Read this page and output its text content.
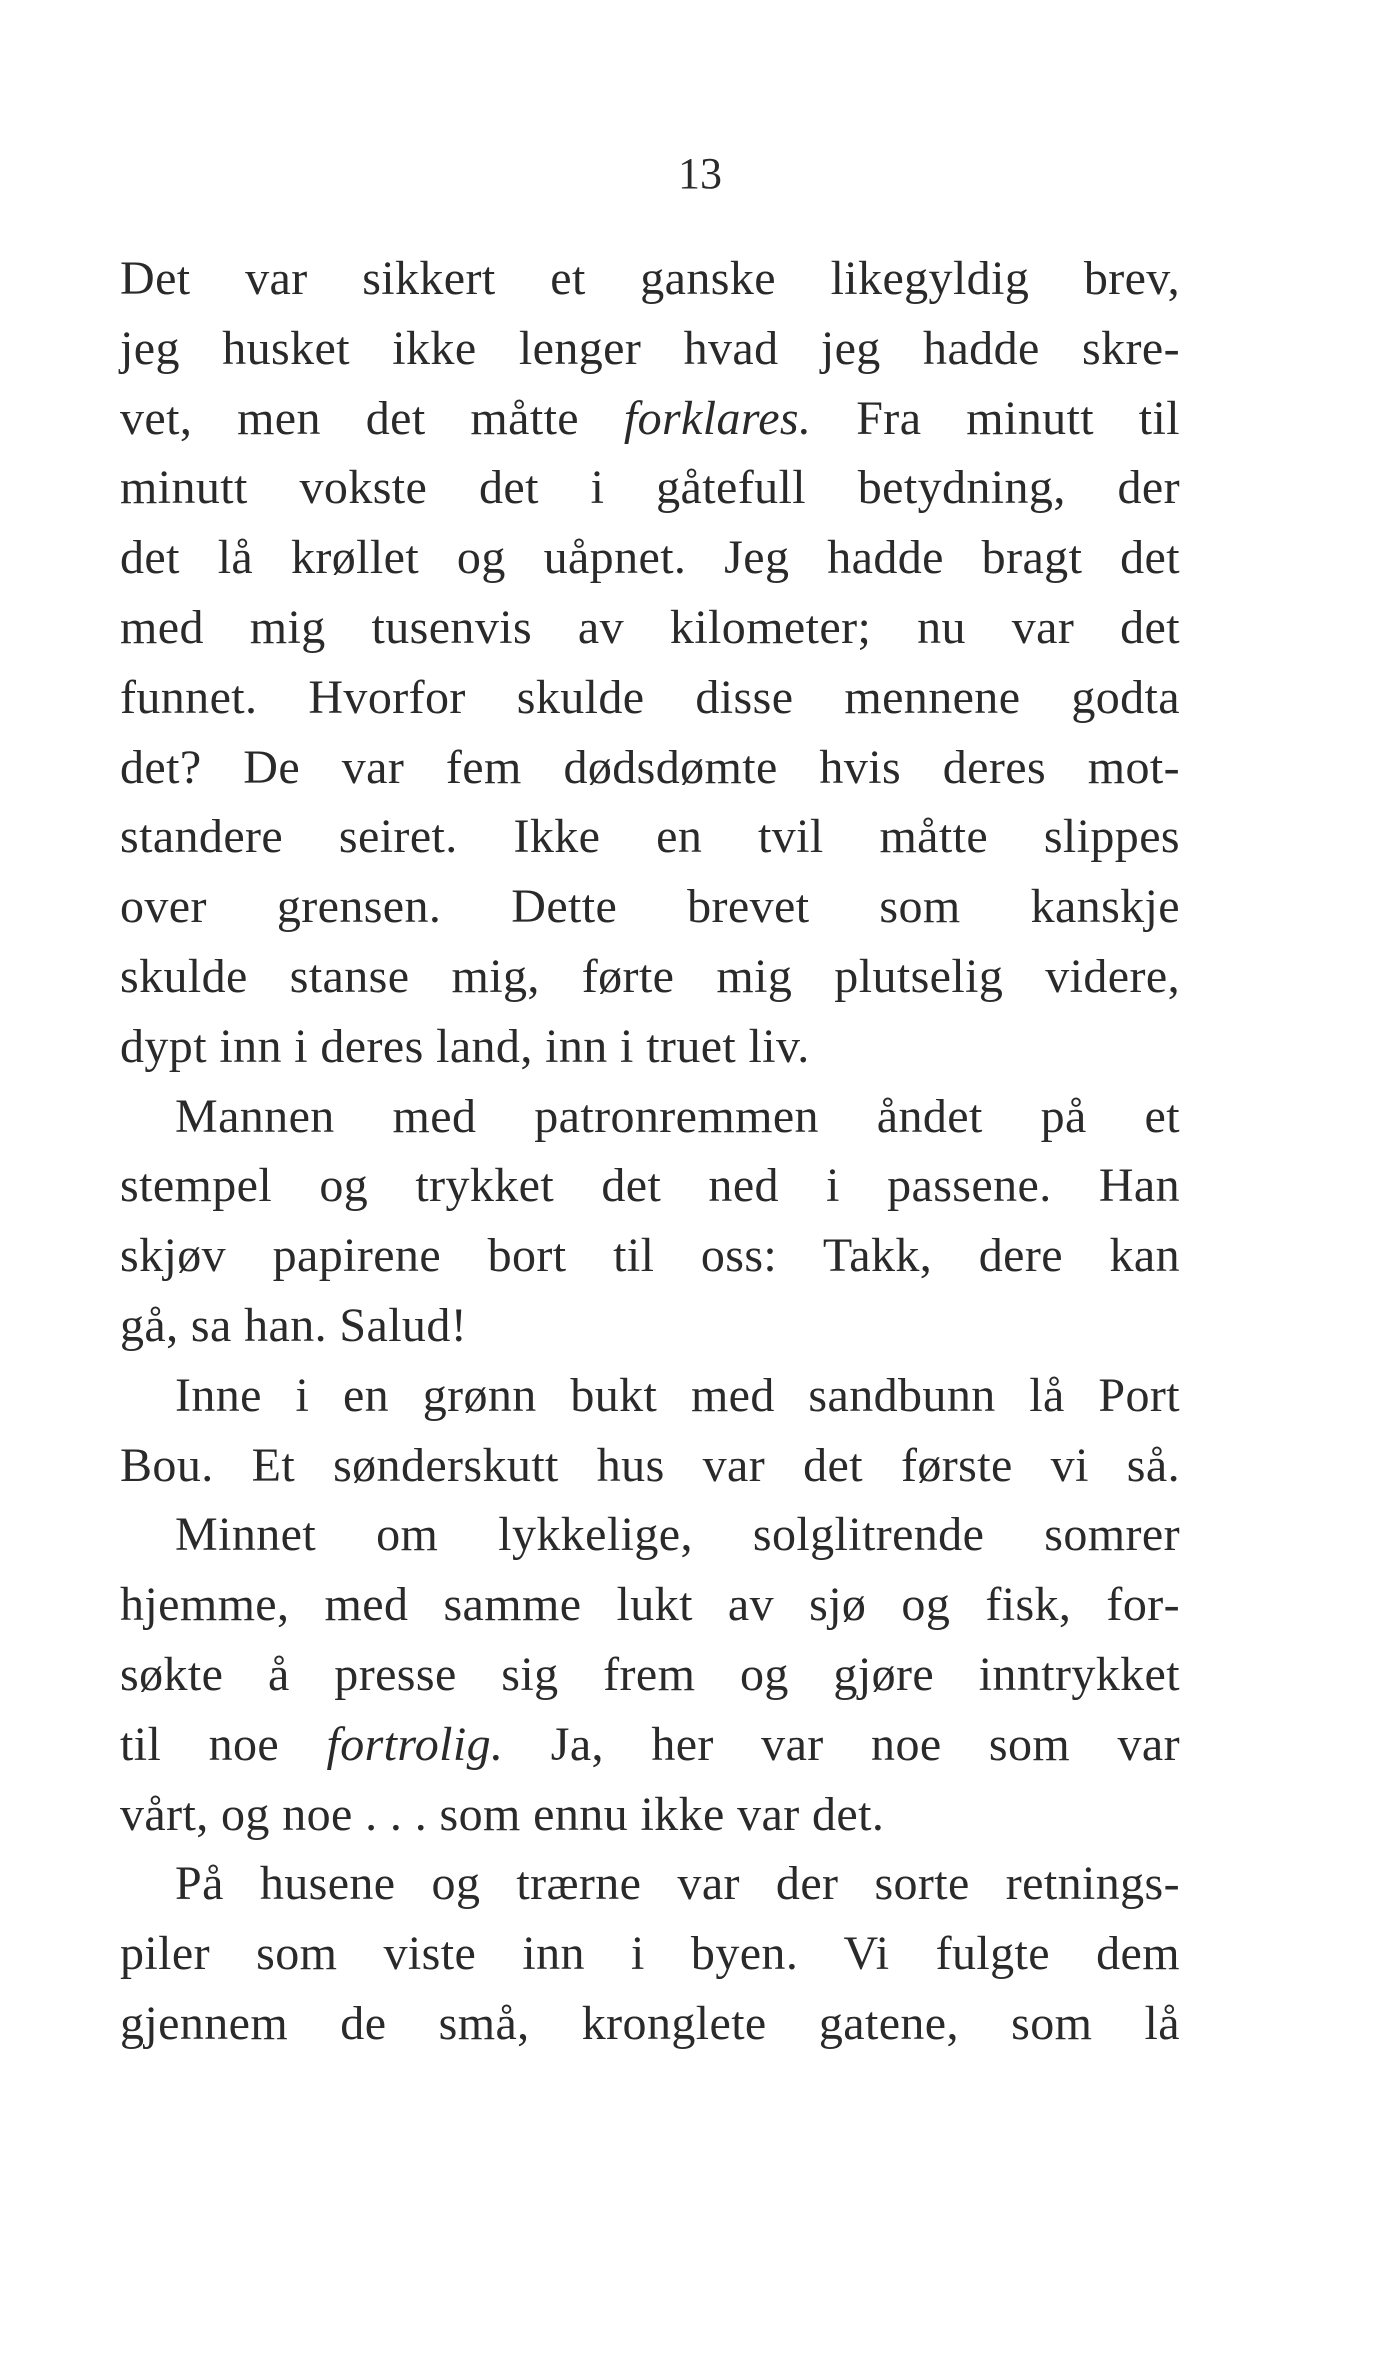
13
Det var sikkert et ganske likegyldig brev,
jeg husket ikke lenger hvad jeg hadde skre‐
vet, men det måtte forklares. Fra minutt til
minutt vokste det i gåtefull betydning, der
det lå krøllet og uåpnet. Jeg hadde bragt det
med mig tusenvis av kilometer; nu var det
funnet. Hvorfor skulde disse mennene godta
det? De var fem dødsdømte hvis deres mot‐
standere seiret. Ikke en tvil måtte slippes
over grensen. Dette brevet som kanskje
skulde stanse mig, førte mig plutselig videre,
dypt inn i deres land, inn i truet liv.
Mannen med patronremmen åndet på et
stempel og trykket det ned i passene. Han
skjøv papirene bort til oss: Takk, dere kan
gå, sa han. Salud!
Inne i en grønn bukt med sandbunn lå Port
Bou. Et sønderskutt hus var det første vi så.
Minnet om lykkelige, solglitrende somrer
hjemme, med samme lukt av sjø og fisk, for‐
søkte å presse sig frem og gjøre inntrykket
til noe fortrolig. Ja, her var noe som var
vårt, og noe . . . som ennu ikke var det.
På husene og trærne var der sorte retnings‐
piler som viste inn i byen. Vi fulgte dem
gjennem de små, kronglete gatene, som lå
